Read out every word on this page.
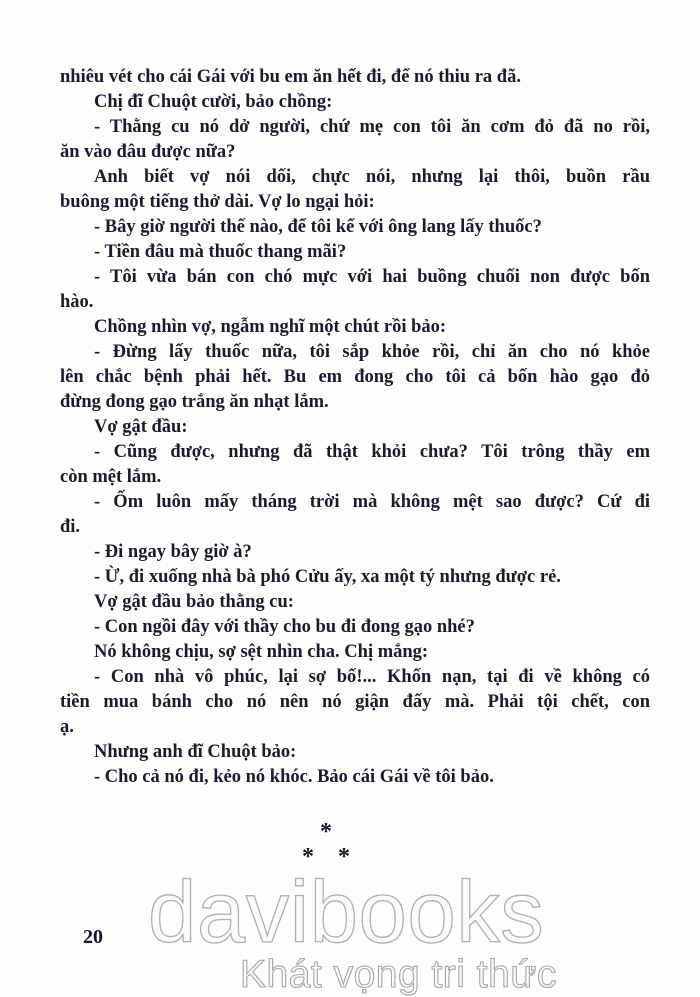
nhiêu vét cho cái Gái với bu em ăn hết đi, để nó thiu ra đã.
Chị đĩ Chuột cười, bảo chồng:
- Thằng cu nó dở người, chứ mẹ con tôi ăn cơm đỏ đã no rồi,
ăn vào đâu được nữa?
Anh biết vợ nói dối, chực nói, nhưng lại thôi, buồn rầu
buông một tiếng thở dài. Vợ lo ngại hỏi:
- Bây giờ người thế nào, để tôi kể với ông lang lấy thuốc?
- Tiền đâu mà thuốc thang mãi?
- Tôi vừa bán con chó mực với hai buồng chuối non được bốn
hào.
Chồng nhìn vợ, ngẫm nghĩ một chút rồi bảo:
- Đừng lấy thuốc nữa, tôi sắp khỏe rồi, chỉ ăn cho nó khỏe
lên chắc bệnh phải hết. Bu em đong cho tôi cả bốn hào gạo đỏ
đừng đong gạo trắng ăn nhạt lắm.
Vợ gật đầu:
- Cũng được, nhưng đã thật khỏi chưa? Tôi trông thầy em
còn mệt lắm.
- Ốm luôn mấy tháng trời mà không mệt sao được? Cứ đi
đi.
- Đi ngay bây giờ à?
- Ừ, đi xuống nhà bà phó Cửu ấy, xa một tý nhưng được rẻ.
Vợ gật đầu bảo thằng cu:
- Con ngồi đây với thầy cho bu đi đong gạo nhé?
Nó không chịu, sợ sệt nhìn cha. Chị mắng:
- Con nhà vô phúc, lại sợ bố!... Khốn nạn, tại đi về không có
tiền mua bánh cho nó nên nó giận đấy mà. Phải tội chết, con
ạ.
Nhưng anh đĩ Chuột bảo:
- Cho cả nó đi, kẻo nó khóc. Bảo cái Gái về tôi bảo.
*
* *
davibooks
Khát vọng tri thức
20
